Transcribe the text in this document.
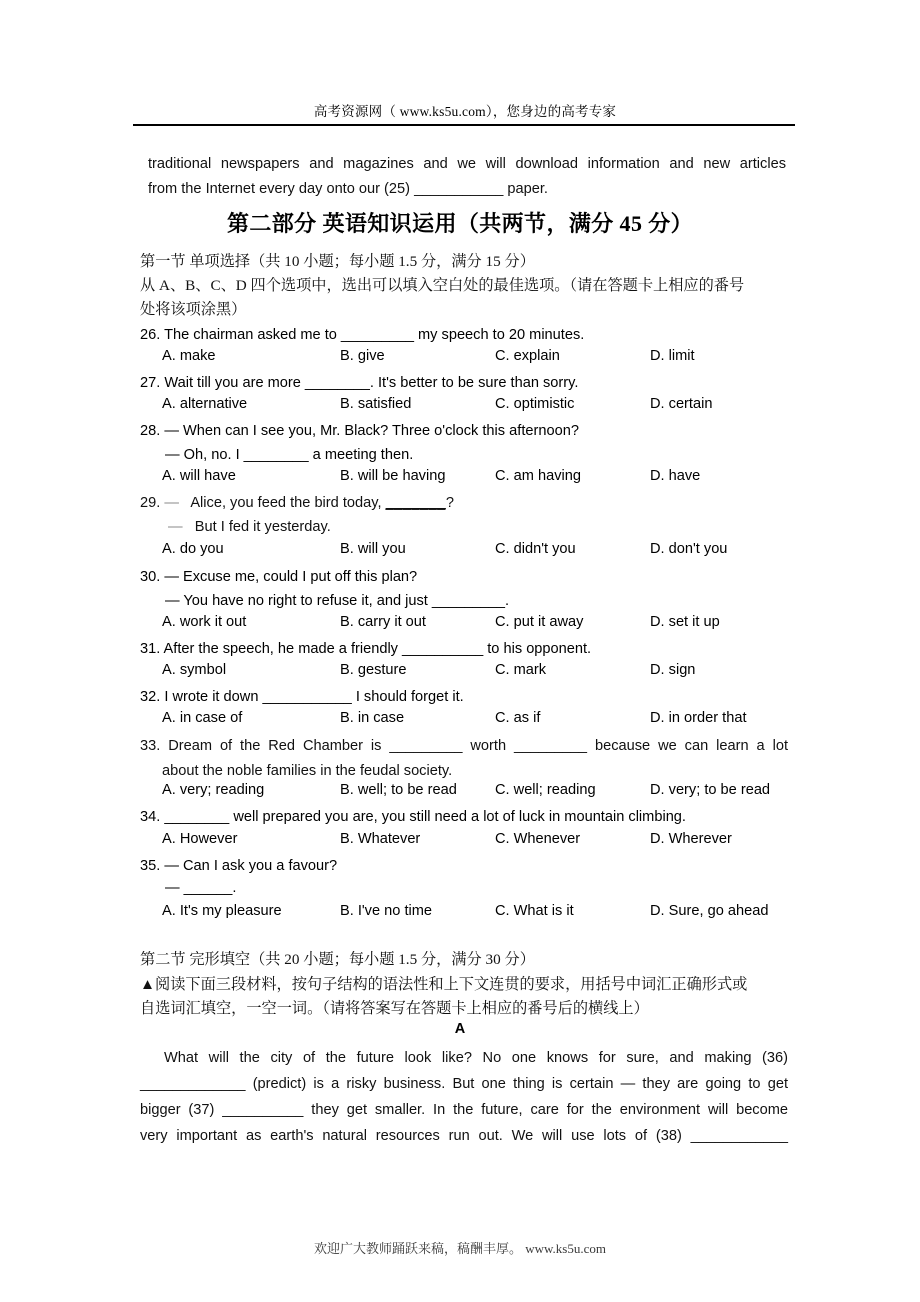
高考资源网（ www.ks5u.com），您身边的高考专家
traditional newspapers and magazines and we will download information and new articles
from the Internet every day onto our (25) ___________ paper.
第二部分 英语知识运用（共两节，满分 45 分）
第一节 单项选择（共 10 小题；每小题 1.5 分，满分 15 分）
从 A、B、C、D 四个选项中，选出可以填入空白处的最佳选项。（请在答题卡上相应的番号
处将该项涂黑）
26. The chairman asked me to _________ my speech to 20 minutes.
A. make	B. give	C. explain	D. limit
27. Wait till you are more ________. It's better to be sure than sorry.
A. alternative	B. satisfied	C. optimistic	D. certain
28. — When can I see you, Mr. Black? Three o'clock this afternoon?
— Oh, no. I ________ a meeting then.
A. will have	B. will be having	C. am having	D. have
29. —   Alice, you feed the bird today, _______?
—   But I fed it yesterday.
A. do you	B. will you	C. didn't you	D. don't you
30. — Excuse me, could I put off this plan?
— You have no right to refuse it, and just _________.
A. work it out	B. carry it out	C. put it away	D. set it up
31. After the speech, he made a friendly __________ to his opponent.
A. symbol	B. gesture	C. mark	D. sign
32. I wrote it down ___________ I should forget it.
A. in case of	B. in case	C. as if	D. in order that
33. Dream of the Red Chamber is _________ worth _________ because we can learn a lot
about the noble families in the feudal society.
A. very; reading	B. well; to be read	C. well; reading	D. very; to be read
34. ________ well prepared you are, you still need a lot of luck in mountain climbing.
A. However	B. Whatever	C. Whenever	D. Wherever
35. — Can I ask you a favour?
— ______.
A. It's my pleasure	B. I've no time	C. What is it	D. Sure, go ahead
第二节 完形填空（共 20 小题；每小题 1.5 分，满分 30 分）
▲阅读下面三段材料，按句子结构的语法性和上下文连贯的要求，用括号中词汇正确形式或
自选词汇填空，一空一词。（请将答案写在答题卡上相应的番号后的横线上）
A
What will the city of the future look like? No one knows for sure, and making (36)
_____________ (predict) is a risky business. But one thing is certain — they are going to get
bigger (37) __________ they get smaller. In the future, care for the environment will become
very important as earth's natural resources run out. We will use lots of (38) ____________
欢迎广大教师踊跃来稿，稿酬丰厚。 www.ks5u.com
